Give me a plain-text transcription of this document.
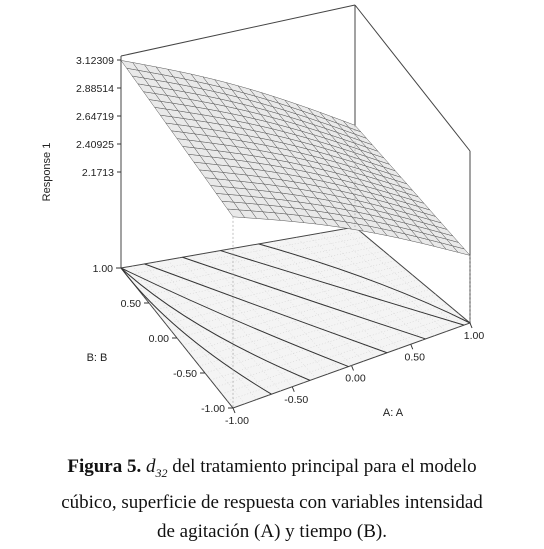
3.12309
2.88514
2.64719
2.40925
2.1713
-1.00
-0.50
0.00
0.50
1.00
-1.00
-0.50
0.00
0.50
1.00
Response 1
A: A
B: B
Figura 5. $d_{32}$ del tratamiento principal para el modelo
cúbico, superficie de respuesta con variables intensidad
de agitación (A) y tiempo (B).
